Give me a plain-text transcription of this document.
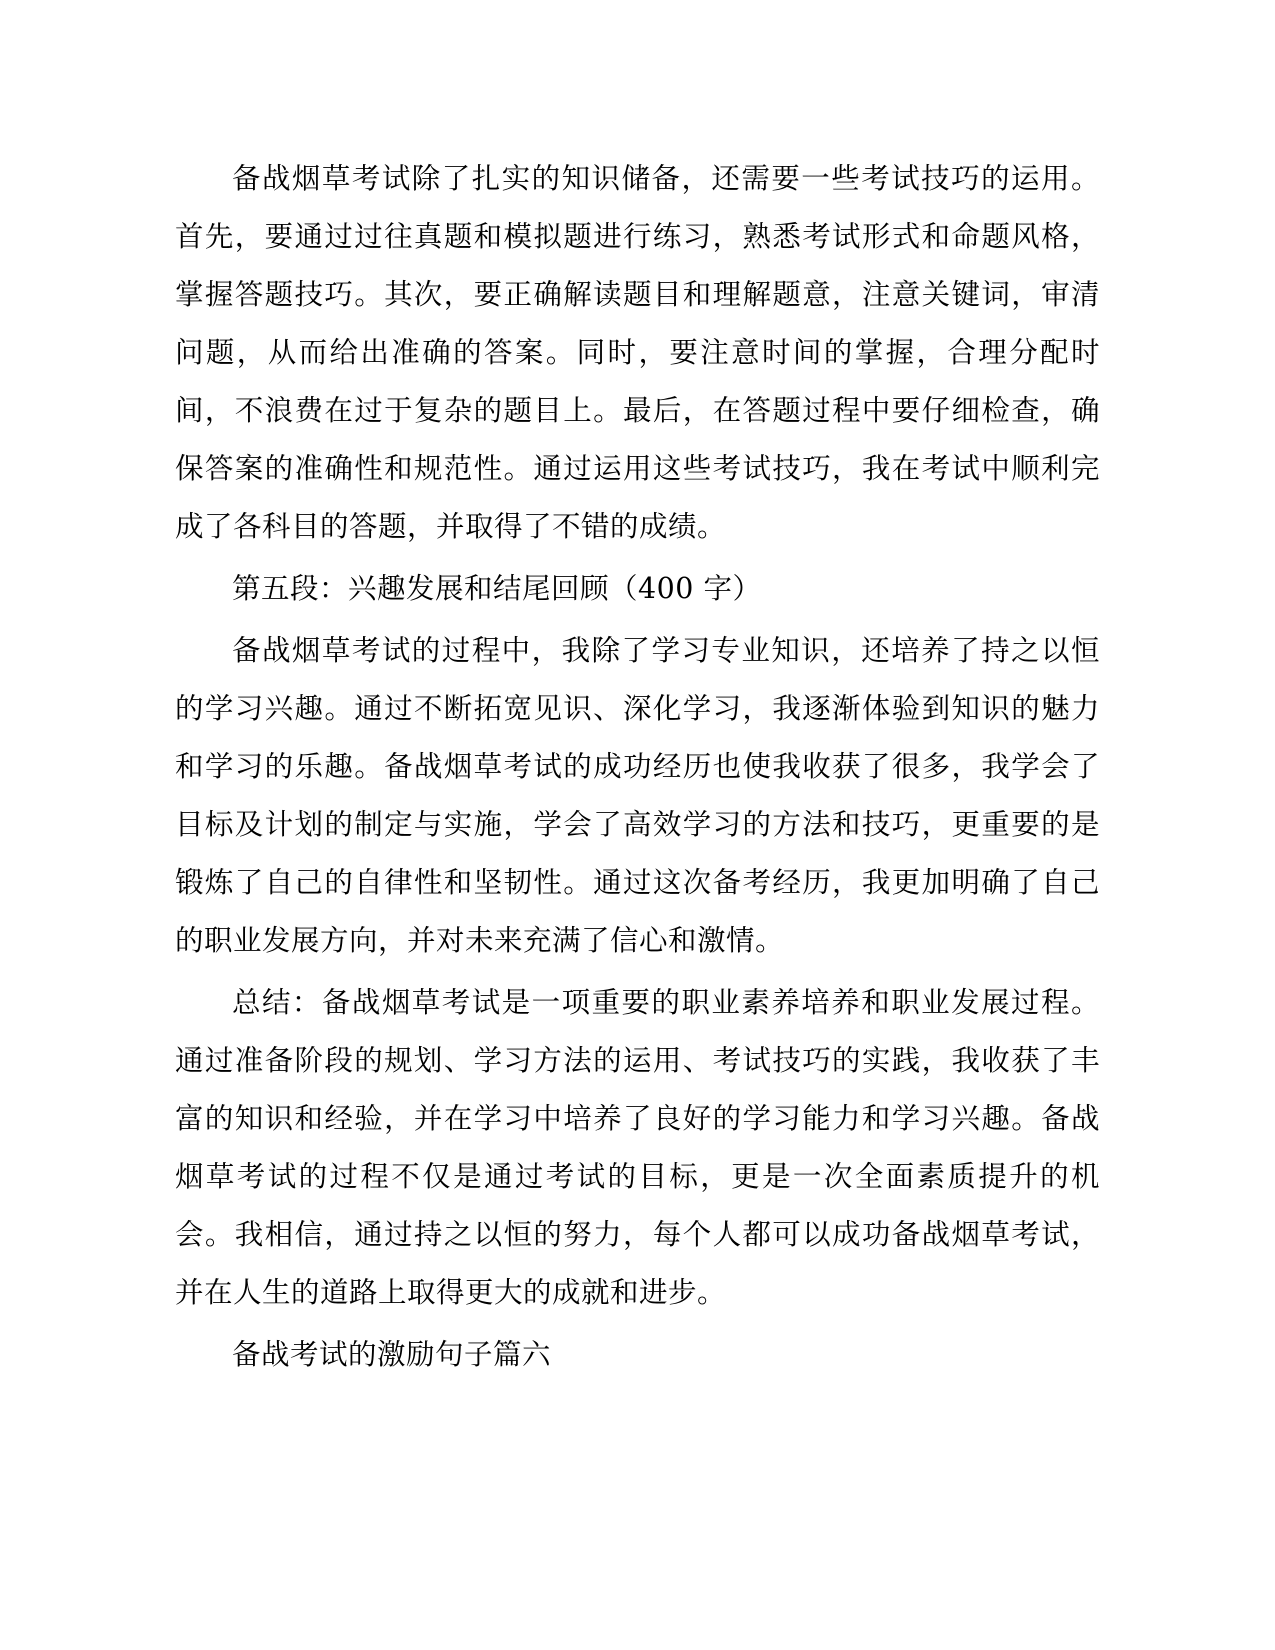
备战烟草考试除了扎实的知识储备，还需要一些考试技巧的运用。首先，要通过过往真题和模拟题进行练习，熟悉考试形式和命题风格，掌握答题技巧。其次，要正确解读题目和理解题意，注意关键词，审清问题，从而给出准确的答案。同时，要注意时间的掌握，合理分配时间，不浪费在过于复杂的题目上。最后，在答题过程中要仔细检查，确保答案的准确性和规范性。通过运用这些考试技巧，我在考试中顺利完成了各科目的答题，并取得了不错的成绩。

第五段：兴趣发展和结尾回顾（400 字）

备战烟草考试的过程中，我除了学习专业知识，还培养了持之以恒的学习兴趣。通过不断拓宽见识、深化学习，我逐渐体验到知识的魅力和学习的乐趣。备战烟草考试的成功经历也使我收获了很多，我学会了目标及计划的制定与实施，学会了高效学习的方法和技巧，更重要的是锻炼了自己的自律性和坚韧性。通过这次备考经历，我更加明确了自己的职业发展方向，并对未来充满了信心和激情。

总结：备战烟草考试是一项重要的职业素养培养和职业发展过程。通过准备阶段的规划、学习方法的运用、考试技巧的实践，我收获了丰富的知识和经验，并在学习中培养了良好的学习能力和学习兴趣。备战烟草考试的过程不仅是通过考试的目标，更是一次全面素质提升的机会。我相信，通过持之以恒的努力，每个人都可以成功备战烟草考试，并在人生的道路上取得更大的成就和进步。

备战考试的激励句子篇六
